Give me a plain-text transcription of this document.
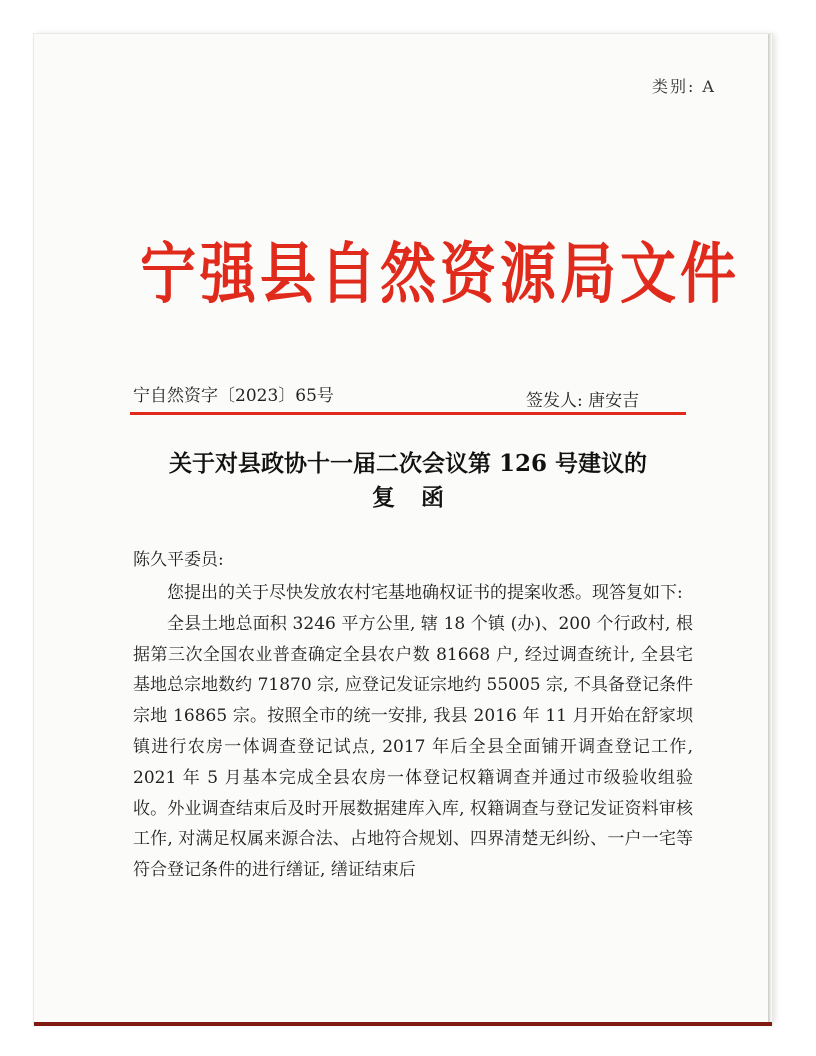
类别: A
宁强县自然资源局文件
宁自然资字〔2023〕65号	签发人: 唐安吉
关于对县政协十一届二次会议第 126 号建议的
复函
陈久平委员:

您提出的关于尽快发放农村宅基地确权证书的提案收悉。现答复如下:

全县土地总面积 3246 平方公里, 辖 18 个镇 (办)、200 个行政村, 根据第三次全国农业普查确定全县农户数 81668 户, 经过调查统计, 全县宅基地总宗地数约 71870 宗, 应登记发证宗地约 55005 宗, 不具备登记条件宗地 16865 宗。按照全市的统一安排, 我县 2016 年 11 月开始在舒家坝镇进行农房一体调查登记试点, 2017 年后全县全面铺开调查登记工作, 2021 年 5 月基本完成全县农房一体登记权籍调查并通过市级验收组验收。外业调查结束后及时开展数据建库入库, 权籍调查与登记发证资料审核工作, 对满足权属来源合法、占地符合规划、四界清楚无纠纷、一户一宅等符合登记条件的进行缮证, 缮证结束后
